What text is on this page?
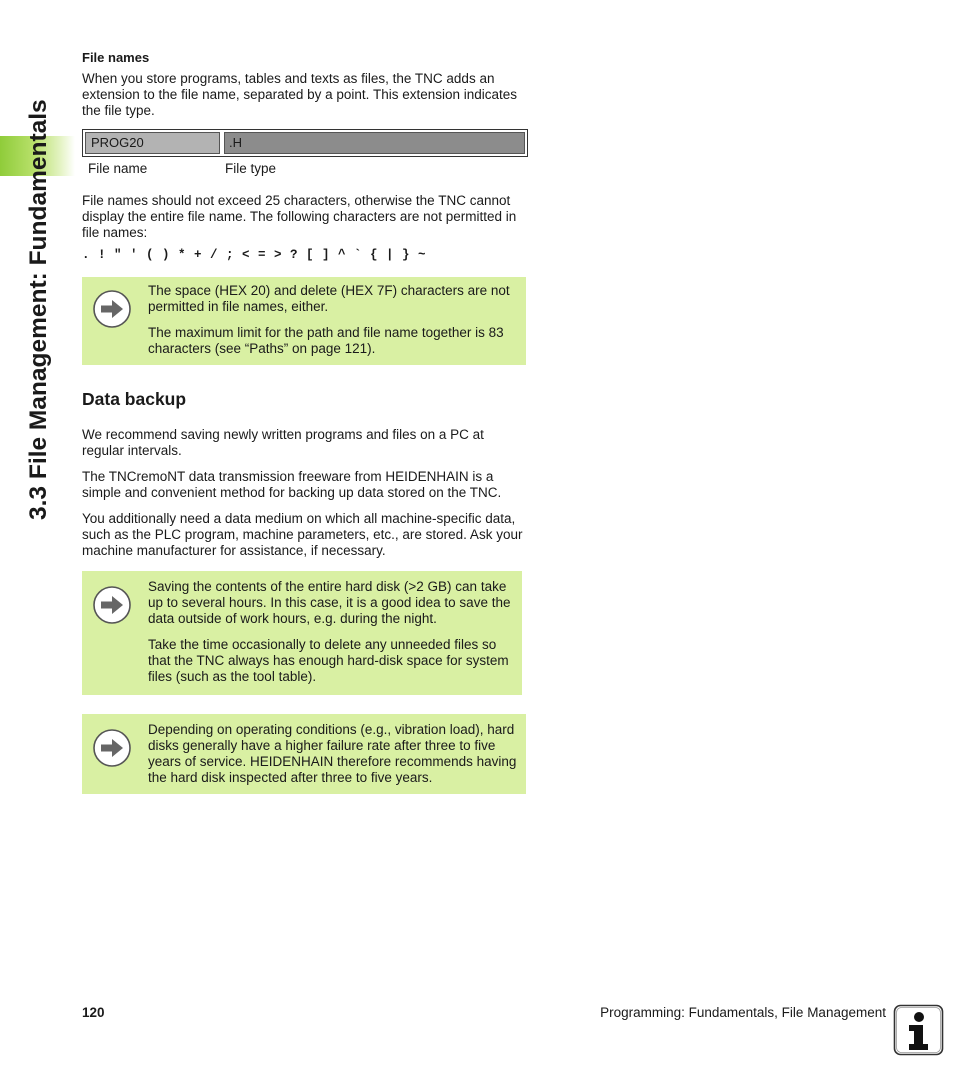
3.3 File Management: Fundamentals
File names

When you store programs, tables and texts as files, the TNC adds an extension to the file name, separated by a point. This extension indicates the file type.

PROG20	.H
File name	File type

File names should not exceed 25 characters, otherwise the TNC cannot display the entire file name. The following characters are not permitted in file names:

. ! " ' ( ) * + / ; < = > ? [ ] ^ ` { | } ~

The space (HEX 20) and delete (HEX 7F) characters are not permitted in file names, either.

The maximum limit for the path and file name together is 83 characters (see “Paths” on page 121).

Data backup

We recommend saving newly written programs and files on a PC at regular intervals.

The TNCremoNT data transmission freeware from HEIDENHAIN is a simple and convenient method for backing up data stored on the TNC.

You additionally need a data medium on which all machine-specific data, such as the PLC program, machine parameters, etc., are stored. Ask your machine manufacturer for assistance, if necessary.

Saving the contents of the entire hard disk (>2 GB) can take up to several hours. In this case, it is a good idea to save the data outside of work hours, e.g. during the night.

Take the time occasionally to delete any unneeded files so that the TNC always has enough hard-disk space for system files (such as the tool table).

Depending on operating conditions (e.g., vibration load), hard disks generally have a higher failure rate after three to five years of service. HEIDENHAIN therefore recommends having the hard disk inspected after three to five years.

120	Programming: Fundamentals, File Management
